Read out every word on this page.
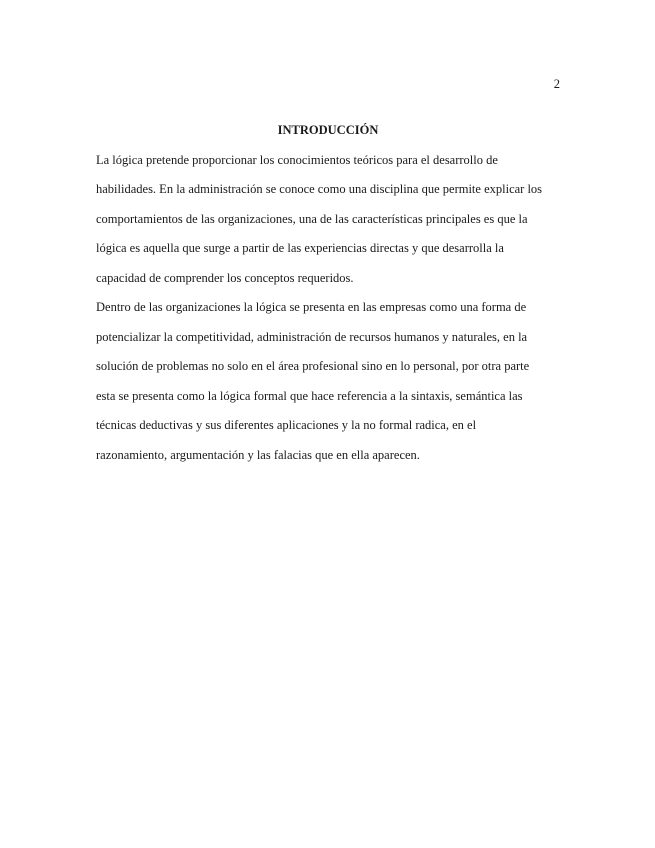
2
INTRODUCCIÓN
La lógica pretende proporcionar los conocimientos teóricos para el desarrollo de
habilidades. En la administración se conoce como una disciplina que permite explicar los
comportamientos de las organizaciones, una de las características principales es que la
lógica es aquella que surge a partir de las experiencias directas y que desarrolla la
capacidad de comprender los conceptos requeridos.
Dentro de las organizaciones la lógica se presenta en las empresas como una forma de
potencializar la competitividad, administración de recursos humanos y naturales, en la
solución de problemas no solo en el área profesional sino en lo personal, por otra parte
esta se presenta como la lógica formal que hace referencia a la sintaxis, semántica las
técnicas deductivas y sus diferentes aplicaciones y la no formal radica, en el
razonamiento, argumentación y las falacias que en ella aparecen.
